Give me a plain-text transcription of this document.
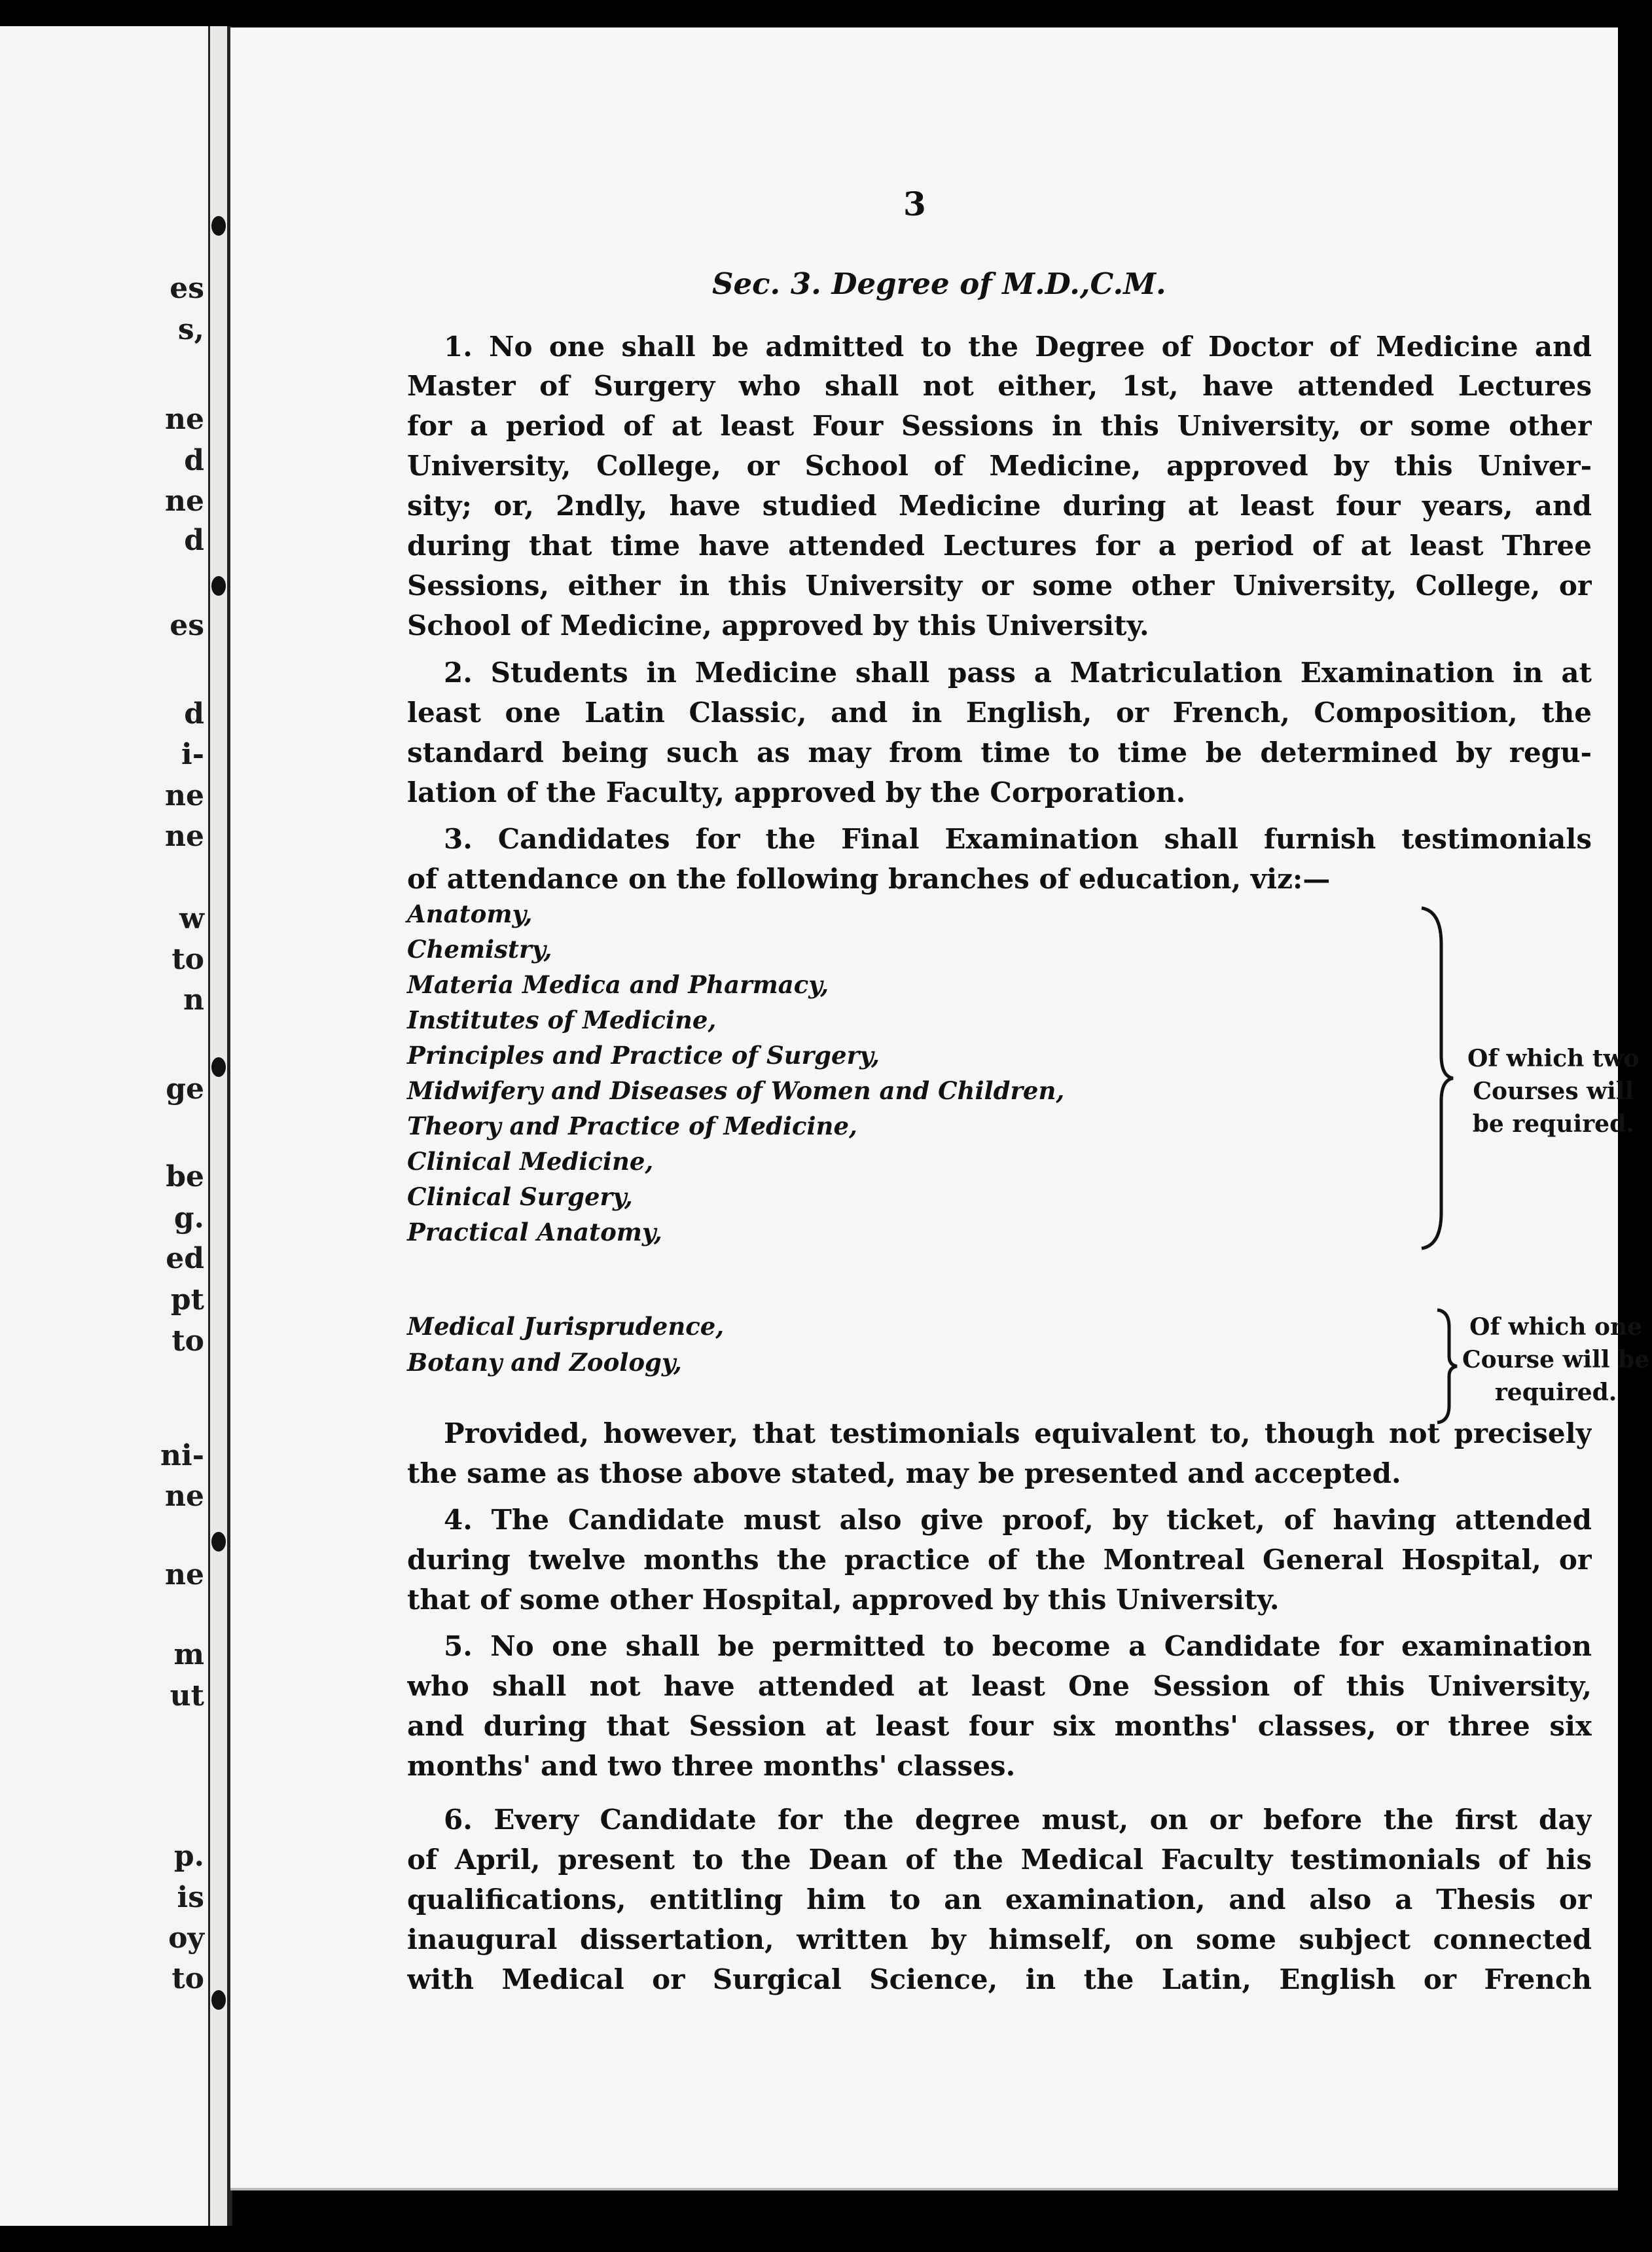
es
s,
ne
d
ne
d
es
d
i-
ne
ne
w
to
n
ge
be
g.
ed
pt
to
ni-
ne
ne
m
ut
p.
is
oy
to
3
Sec. 3. Degree of M.D.,C.M.
1. No one shall be admitted to the Degree of Doctor of Medicine and
Master of Surgery who shall not either, 1st, have attended Lectures
for a period of at least Four Sessions in this University, or some other
University, College, or School of Medicine, approved by this Univer-
sity; or, 2ndly, have studied Medicine during at least four years, and
during that time have attended Lectures for a period of at least Three
Sessions, either in this University or some other University, College, or
School of Medicine, approved by this University.
2. Students in Medicine shall pass a Matriculation Examination in at
least one Latin Classic, and in English, or French, Composition, the
standard being such as may from time to time be determined by regu-
lation of the Faculty, approved by the Corporation.
3. Candidates for the Final Examination shall furnish testimonials
of attendance on the following branches of education, viz:—
Anatomy,
Chemistry,
Materia Medica and Pharmacy,
Institutes of Medicine,
Principles and Practice of Surgery,
Midwifery and Diseases of Women and Children,
Theory and Practice of Medicine,
Clinical Medicine,
Clinical Surgery,
Practical Anatomy,
Of which two
Courses will
be required.
Medical Jurisprudence,
Botany and Zoology,
Of which one
Course will be
required.
Provided, however, that testimonials equivalent to, though not precisely
the same as those above stated, may be presented and accepted.
4. The Candidate must also give proof, by ticket, of having attended
during twelve months the practice of the Montreal General Hospital, or
that of some other Hospital, approved by this University.
5. No one shall be permitted to become a Candidate for examination
who shall not have attended at least One Session of this University,
and during that Session at least four six months' classes, or three six
months' and two three months' classes.
6. Every Candidate for the degree must, on or before the first day
of April, present to the Dean of the Medical Faculty testimonials of his
qualifications, entitling him to an examination, and also a Thesis or
inaugural dissertation, written by himself, on some subject connected
with Medical or Surgical Science, in the Latin, English or French
